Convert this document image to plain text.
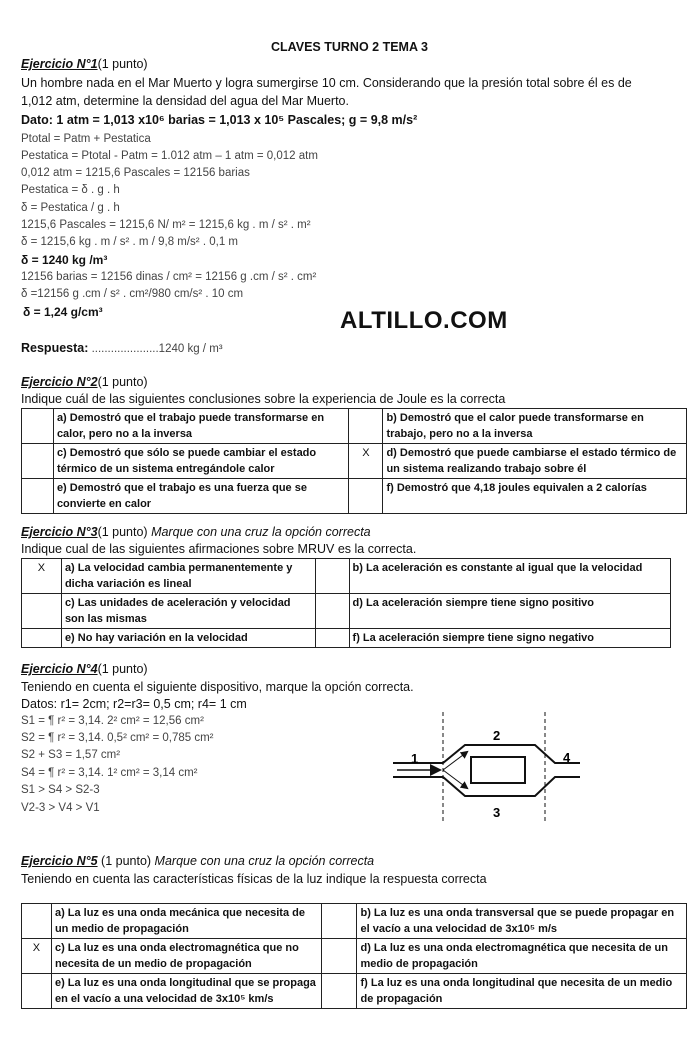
CLAVES TURNO 2 TEMA 3
Ejercicio N°1(1 punto)
Un hombre nada en el Mar Muerto y logra sumergirse 10 cm. Considerando que la presión total sobre él es de
1,012 atm, determine la densidad del agua del Mar Muerto.
Dato: 1 atm = 1,013 x10⁶ barias = 1,013 x 10⁵ Pascales; g = 9,8 m/s²
Ptotal = Patm + Pestatica
Pestatica = Ptotal - Patm = 1.012 atm – 1 atm = 0,012 atm
0,012 atm = 1215,6 Pascales = 12156 barias
Pestatica = δ . g . h
δ = Pestatica / g . h
1215,6 Pascales = 1215,6 N/ m² = 1215,6 kg . m / s² . m²
δ = 1215,6 kg . m / s² . m / 9,8 m/s² . 0,1 m
δ = 1240 kg /m³
12156 barias = 12156 dinas / cm² = 12156 g .cm / s² . cm²
δ =12156 g .cm / s² . cm²/980 cm/s² . 10 cm
δ = 1,24 g/cm³	ALTILLO.COM
Respuesta: .....................1240 kg / m³
Ejercicio N°2(1 punto)
Indique cuál de las siguientes conclusiones sobre la experiencia de Joule es la correcta
	a) Demostró que el trabajo puede transformarse en calor, pero no a la inversa		b) Demostró que el calor puede transformarse en trabajo, pero no a la inversa
	c) Demostró que sólo se puede cambiar el estado térmico de un sistema entregándole calor	X	d) Demostró que puede cambiarse el estado térmico de un sistema realizando trabajo sobre él
	e) Demostró que el trabajo es una fuerza que se convierte en calor		f) Demostró que 4,18 joules equivalen a 2 calorías
Ejercicio N°3(1 punto) Marque con una cruz la opción correcta
Indique cual de las siguientes afirmaciones sobre MRUV es la correcta.
X	a) La velocidad cambia permanentemente y dicha variación es lineal		b) La aceleración es constante al igual que la velocidad
	c) Las unidades de aceleración y velocidad son las mismas		d) La aceleración siempre tiene signo positivo
	e) No hay variación en la velocidad		f) La aceleración siempre tiene signo negativo
Ejercicio N°4(1 punto)
Teniendo en cuenta el siguiente dispositivo, marque la opción correcta.
Datos: r1= 2cm; r2=r3= 0,5 cm; r4= 1 cm
S1 = ¶ r² = 3,14. 2² cm² = 12,56 cm²
S2 = ¶ r² = 3,14. 0,5² cm² = 0,785 cm²
S2 + S3 = 1,57 cm²
S4 = ¶ r² = 3,14. 1² cm² = 3,14 cm²
S1 > S4 > S2-3
V2-3 > V4 > V1
1
2
3
4
Ejercicio N°5 (1 punto) Marque con una cruz la opción correcta
Teniendo en cuenta las características físicas de la luz indique la respuesta correcta
	a) La luz es una onda mecánica que necesita de un medio de propagación		b) La luz es una onda transversal que se puede propagar en el vacío a una velocidad de 3x10⁵ m/s
X	c) La luz es una onda electromagnética que no necesita de un medio de propagación		d) La luz es una onda electromagnética que necesita de un medio de propagación
	e) La luz es una onda longitudinal que se propaga en el vacío a una velocidad de 3x10⁵ km/s		f) La luz es una onda longitudinal que necesita de un medio de propagación
